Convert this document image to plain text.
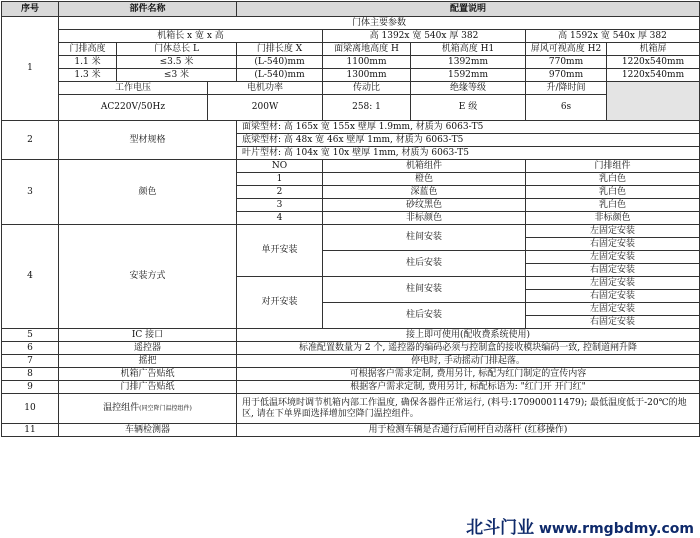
序号	部件名称			配置说明				
1	门体主要参数							
	机箱长 x 宽 x 高				高 1392x 宽 540x 厚 382		高 1592x 宽 540x 厚 382	
	门排高度	门体总长 L		门排长度 X	面梁离地高度 H	机箱高度 H1	屏风可视高度 H2	机箱屏
	1.1 米	≤3.5 米		(L-540)mm	1100mm	1392mm	770mm	1220x540mm
	1.3 米	≤3 米		(L-540)mm	1300mm	1592mm	970mm	1220x540mm
	工作电压		电机功率		传动比	绝缘等级	升/降时间	
	AC220V/50Hz		200W		258: 1	E 级	6s	

2	型材规格			面梁型材: 高 165x 宽 155x 壁厚 1.9mm, 材质为 6063-T5				
				底梁型材: 高 48x 宽 46x 壁厚 1mm, 材质为 6063-T5				
				叶片型材: 高 104x 宽 10x 壁厚 1mm, 材质为 6063-T5				
3	颜色			NO	机箱组件		门排组件	
				1	橙色		乳白色	
				2	深蓝色		乳白色	
				3	砂纹黑色		乳白色	
				4	非标颜色		非标颜色	
4	安装方式			单开安装	柱间安装		左固定安装	
							右固定安装	
					柱后安装		左固定安装	
							右固定安装	
				对开安装	柱间安装		左固定安装	
							右固定安装	
					柱后安装		左固定安装	
							右固定安装	
5	IC 接口			接上即可使用(配收费系统使用)				
6	遥控器			标准配置数量为 2 个, 遥控器的编码必须与控制盒的接收模块编码一致, 控制道闸升降				
7	摇把			停电时, 手动摇动门排起落。				
8	机箱广告贴纸			可根据客户需求定制, 费用另计, 标配为红门制定的宣传内容				
9	门排广告贴纸			根据客户需求定制, 费用另计, 标配标语为: "红门开 开门红"				
10	温控组件(同空降门温控组件)			用于低温环境时调节机箱内部工作温度, 确保各器件正常运行, (料号:170900011479); 最低温度低于-20℃的地区, 请在下单界面选择增加空降门温控组件。				
11	车辆检测器			用于检测车辆是否通行后闸杆自动落杆 (红移操作)				
北斗门业 www.rmgbdmy.com
